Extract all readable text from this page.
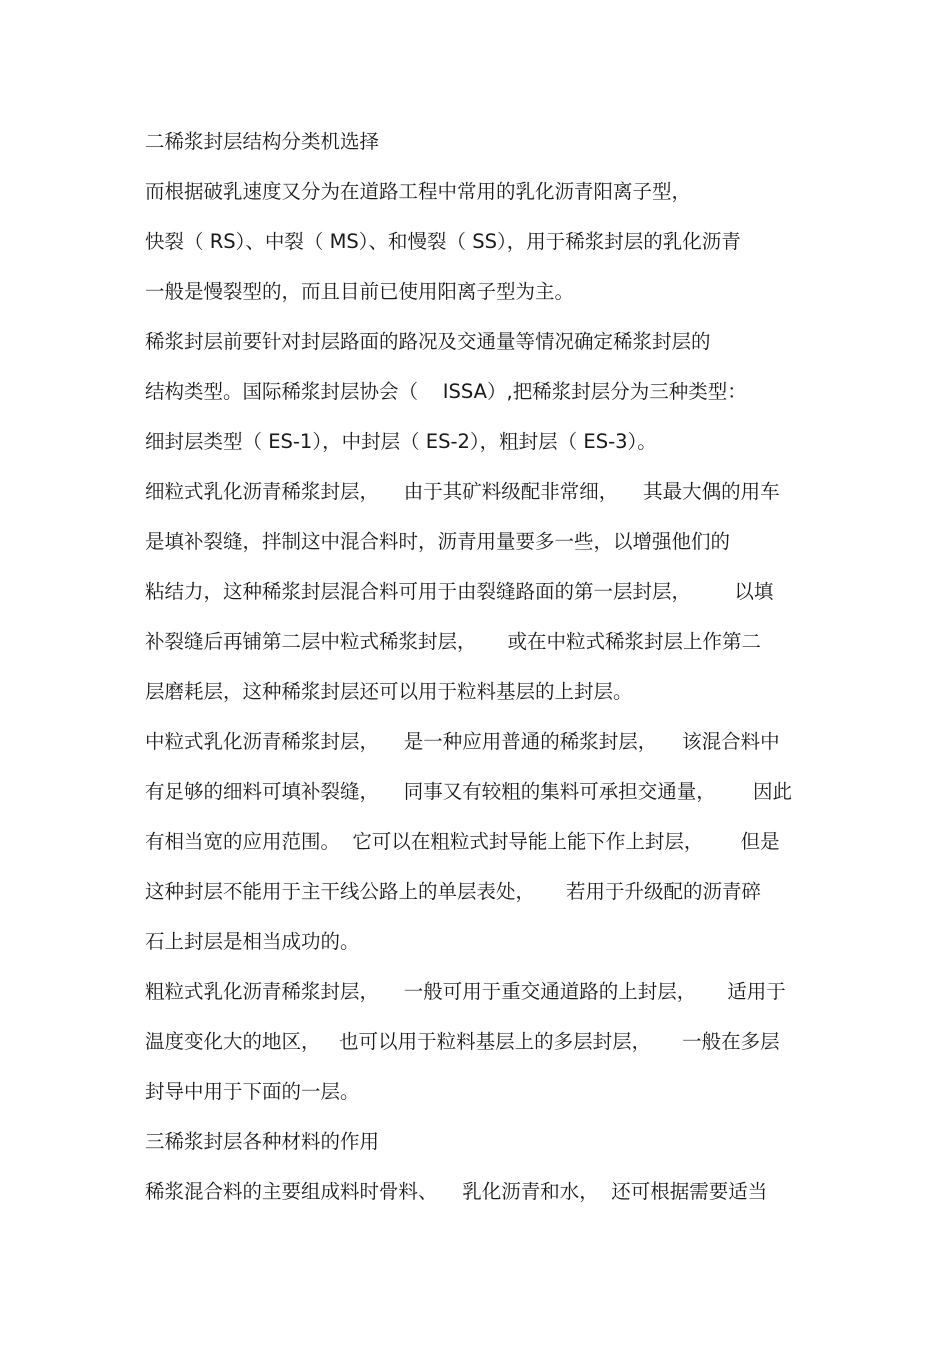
二稀浆封层结构分类机选择
而根据破乳速度又分为在道路工程中常用的乳化沥青阳离子型，
快裂（ RS）、中裂（ MS）、和慢裂（ SS），用于稀浆封层的乳化沥青
一般是慢裂型的，而且目前已使用阳离子型为主。
稀浆封层前要针对封层路面的路况及交通量等情况确定稀浆封层的
结构类型。国际稀浆封层协会（    ISSA）,把稀浆封层分为三种类型：
细封层类型（ ES-1），中封层（ ES-2），粗封层（ ES-3）。
细粒式乳化沥青稀浆封层，    由于其矿料级配非常细，    其最大偶的用车
是填补裂缝，拌制这中混合料时，沥青用量要多一些，以增强他们的
粘结力，这种稀浆封层混合料可用于由裂缝路面的第一层封层，       以填
补裂缝后再铺第二层中粒式稀浆封层，     或在中粒式稀浆封层上作第二
层磨耗层，这种稀浆封层还可以用于粒料基层的上封层。
中粒式乳化沥青稀浆封层，    是一种应用普通的稀浆封层，    该混合料中
有足够的细料可填补裂缝，    同事又有较粗的集料可承担交通量，      因此
有相当宽的应用范围。  它可以在粗粒式封导能上能下作上封层，      但是
这种封层不能用于主干线公路上的单层表处，     若用于升级配的沥青碎
石上封层是相当成功的。
粗粒式乳化沥青稀浆封层，    一般可用于重交通道路的上封层，     适用于
温度变化大的地区，   也可以用于粒料基层上的多层封层，     一般在多层
封导中用于下面的一层。
三稀浆封层各种材料的作用
稀浆混合料的主要组成料时骨料、    乳化沥青和水，  还可根据需要适当
